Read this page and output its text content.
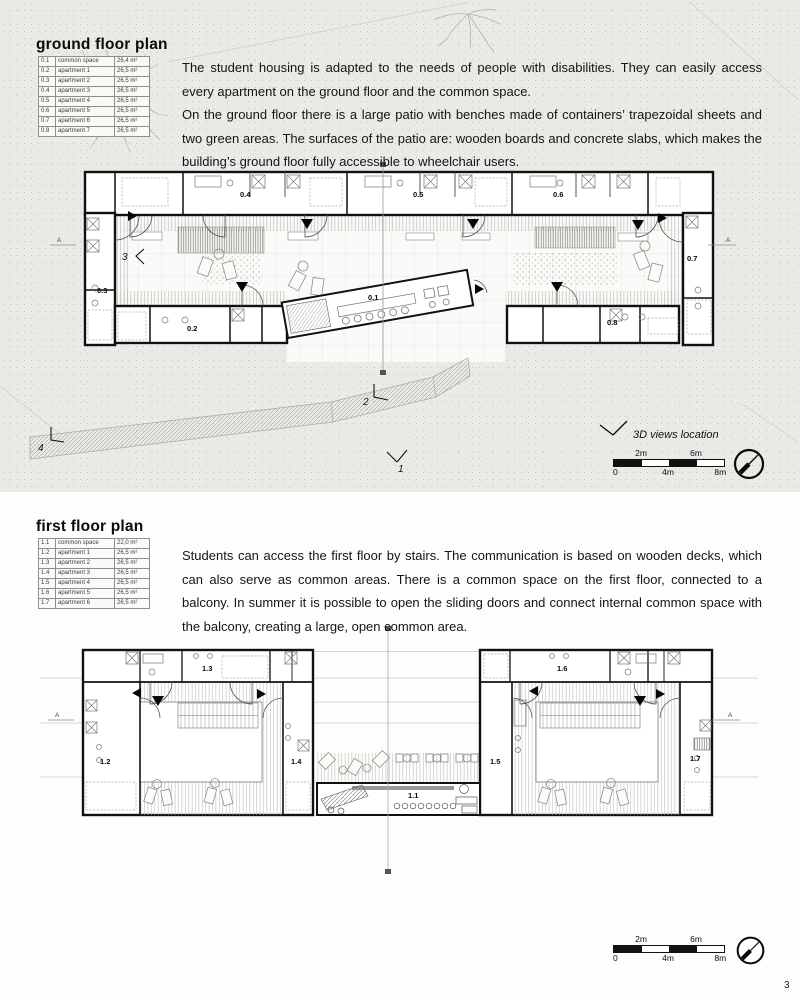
A	A
0.1
0.2
0.3
0.4	0.5	0.6
0.7
0.8
3
2
4
1
3D views location
A	A
1.1
1.2
1.3
1.4	1.5
1.6
1.7
ground floor plan
0.1	common space	26,4 m²
0.2	apartment 1	26,5 m²
0.3	apartment 2	26,5 m²
0.4	apartment 3	26,5 m²
0.5	apartment 4	26,5 m²
0.6	apartment 5	26,5 m²
0.7	apartment 6	26,5 m²
0.8	apartment 7	26,5 m²

The student housing is adapted to the needs of people with disabilities. They can easily access every apartment on the ground floor and the common space.

On the ground floor there is a large patio with benches made of containers’ trapezoidal sheets and two green areas. The surfaces of the patio are: wooden boards and concrete slabs, which makes the building’s ground floor fully accessible to wheelchair users.

first floor plan
1.1	common space	22,0 m²
1.2	apartment 1	26,5 m²
1.3	apartment 2	26,5 m²
1.4	apartment 3	26,5 m²
1.5	apartment 4	26,5 m²
1.6	apartment 5	26,5 m²
1.7	apartment 6	26,5 m²

Students can access the first floor by stairs. The communication is based on wooden decks, which can also serve as common areas. There is a common space on the first floor, connected to a balcony. In summer it is possible to open the sliding doors and connect internal common space with the balcony, creating a large, open common area.

2m	6m
0	4m	8m
2m	6m
0	4m	8m
3
